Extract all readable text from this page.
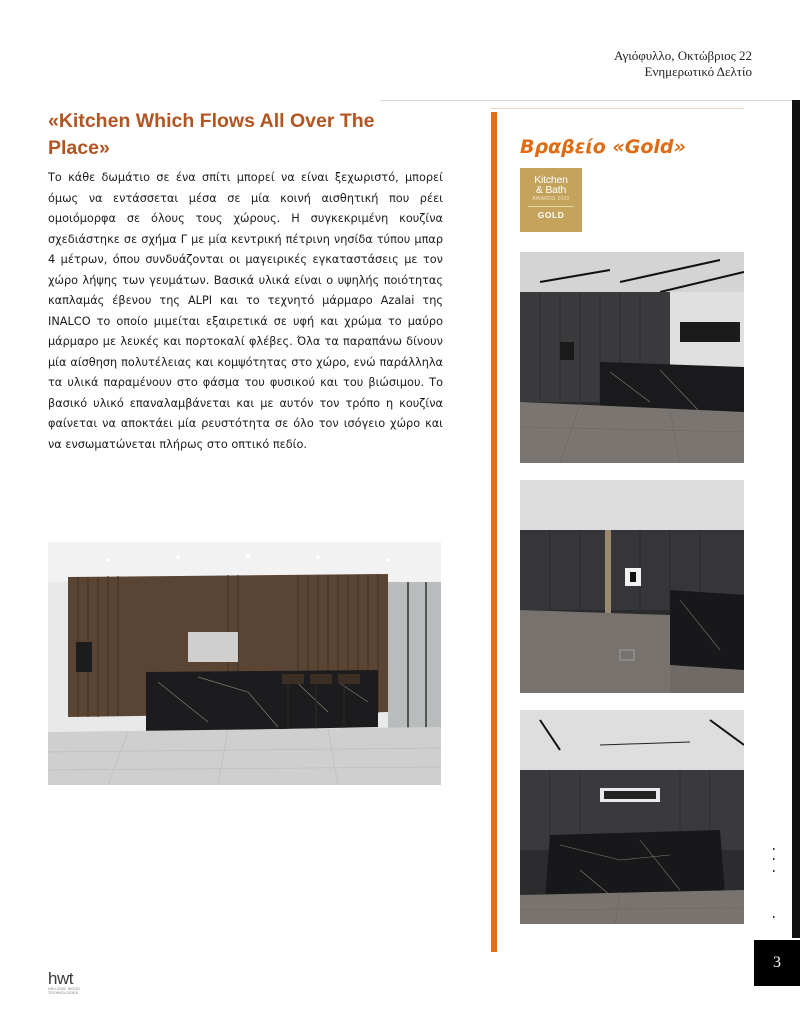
Αγιόφυλλο, Οκτώβριος 22
Ενημερωτικό Δελτίο
«Kitchen Which Flows All Over The Place»

Το κάθε δωμάτιο σε ένα σπίτι μπορεί να είναι ξεχωριστό, μπορεί όμως να εντάσσεται μέσα σε μία κοινή αισθητική που ρέει ομοιόμορφα σε όλους τους χώρους. Η συγκεκριμένη κουζίνα σχεδιάστηκε σε σχήμα Γ με μία κεντρική πέτρινη νησίδα τύπου μπαρ 4 μέτρων, όπου συνδυάζονται οι μαγειρικές εγκαταστάσεις με τον χώρο λήψης των γευμάτων. Βασικά υλικά είναι ο υψηλής ποιότητας καπλαμάς έβενου της ALPI και το τεχνητό μάρμαρο Azalai της INALCO το οποίο μιμείται εξαιρετικά σε υφή και χρώμα το μαύρο μάρμαρο με λευκές και πορτοκαλί φλέβες. Όλα τα παραπάνω δίνουν μία αίσθηση πολυτέλειας και κομψότητας στο χώρο, ενώ παράλληλα τα υλικά παραμένουν στο φάσμα του φυσικού και του βιώσιμου. Το βασικό υλικό επαναλαμβάνεται και με αυτόν τον τρόπο η κουζίνα φαίνεται να αποκτάει μία ρευστότητα σε όλο τον ισόγειο χώρο και να ενσωματώνεται πλήρως στο οπτικό πεδίο.

Βραβείο «Gold»
Kitchen
& Bath
AWARDS 2022
GOLD
3
hwt
HELLENIC WOOD TECHNOLOGIES
